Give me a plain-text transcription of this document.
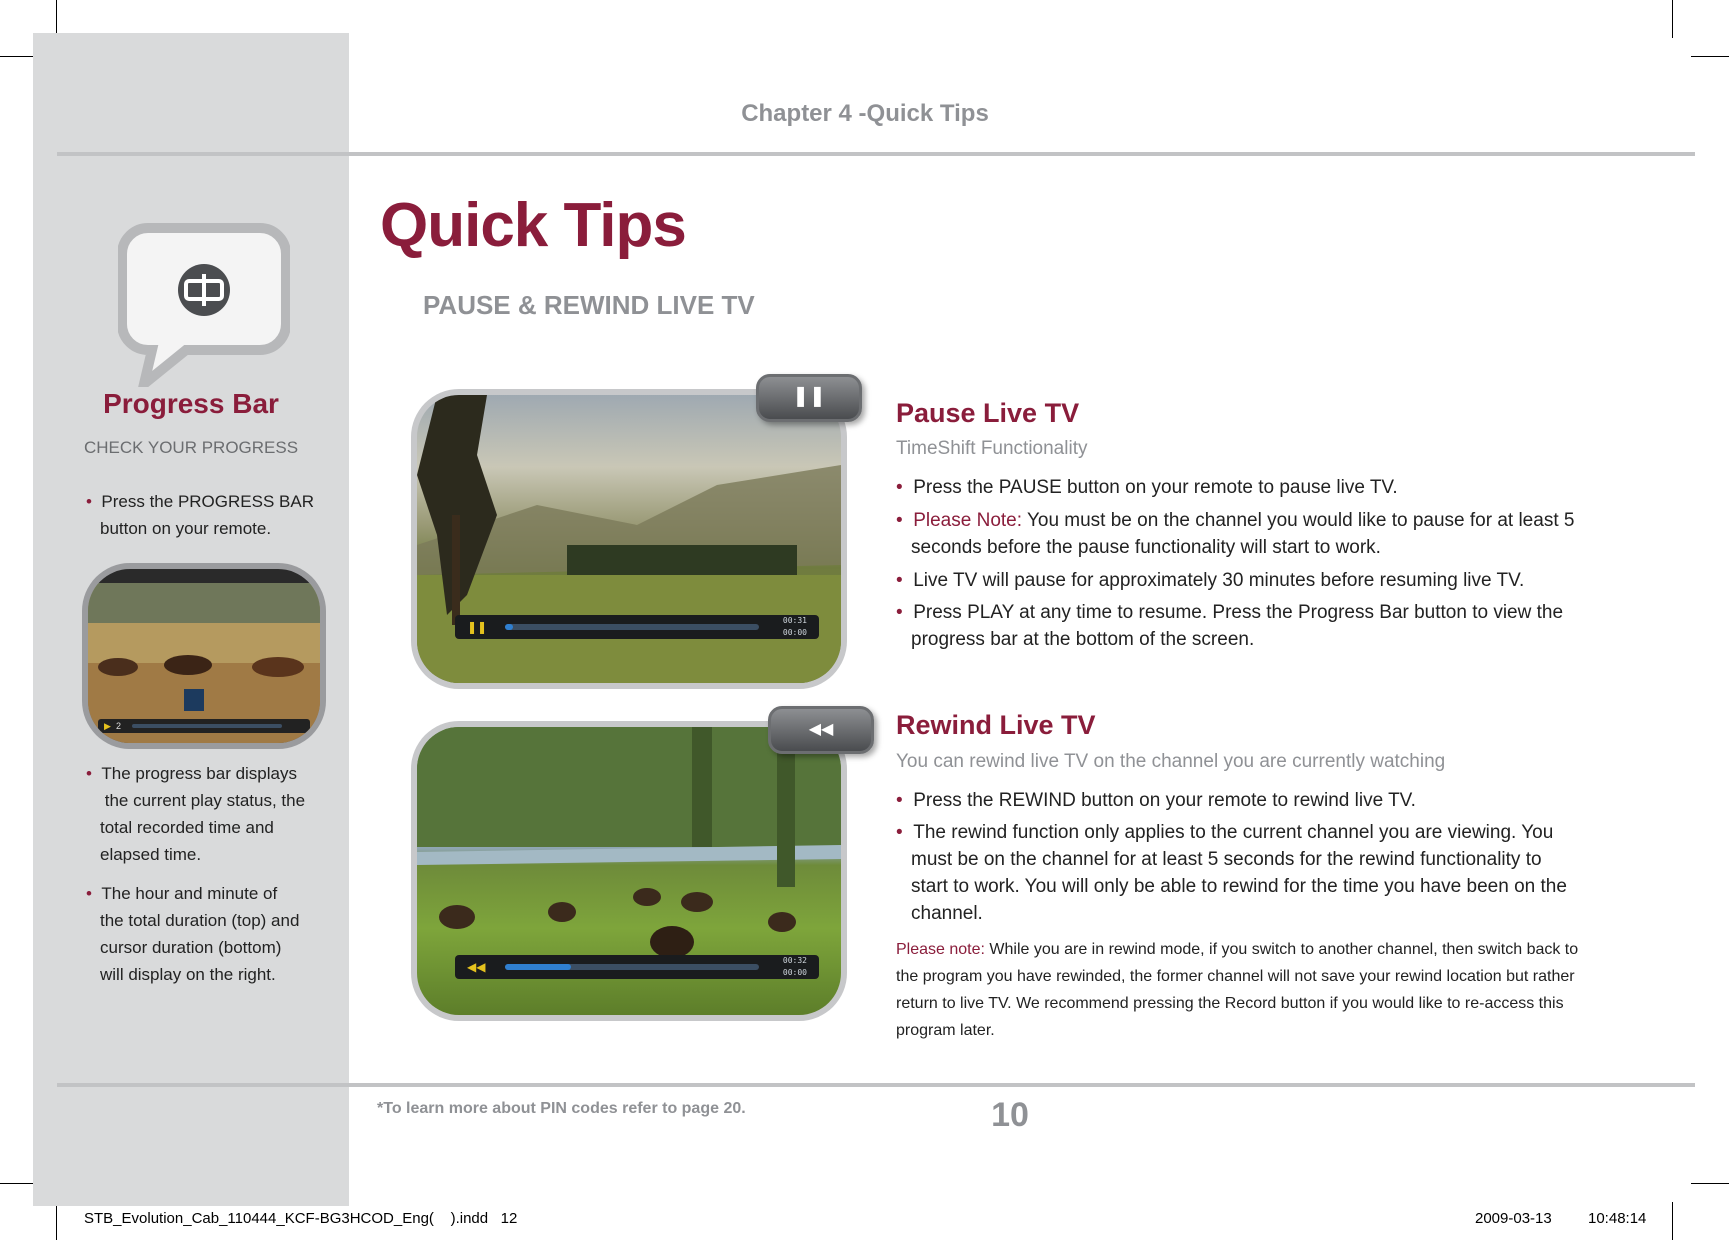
Chapter 4 -Quick Tips
Quick Tips
PAUSE & REWIND LIVE TV
Progress Bar
CHECK YOUR PROGRESS
• Press the PROGRESS BAR
button on your remote.
▶ 2
• The progress bar displays
the current play status, the
total recorded time and
elapsed time.
• The hour and minute of
the total duration (top) and
cursor duration (bottom)
will display on the right.
❚❚	00:31
00:00
❚❚
◀◀	00:32
00:00
◀◀
Pause Live TV
TimeShift Functionality
• Press the PAUSE button on your remote to pause live TV.
• Please Note: You must be on the channel you would like to pause for at least 5 seconds before the pause functionality will start to work.
• Live TV will pause for approximately 30 minutes before resuming live TV.
• Press PLAY at any time to resume. Press the Progress Bar button to view the progress bar at the bottom of the screen.
Rewind Live TV
You can rewind live TV on the channel you are currently watching
• Press the REWIND button on your remote to rewind live TV.
• The rewind function only applies to the current channel you are viewing. You must be on the channel for at least 5 seconds for the rewind functionality to start to work. You will only be able to rewind for the time you have been on the channel.
Please note: While you are in rewind mode, if you switch to another channel, then switch back to the program you have rewinded, the former channel will not save your rewind location but rather return to live TV. We recommend pressing the Record button if you would like to re-access this program later.
*To learn more about PIN codes refer to page 20.	10
STB_Evolution_Cab_110444_KCF-BG3HCOD_Eng(    ).indd   12	2009-03-13 10:48:14
